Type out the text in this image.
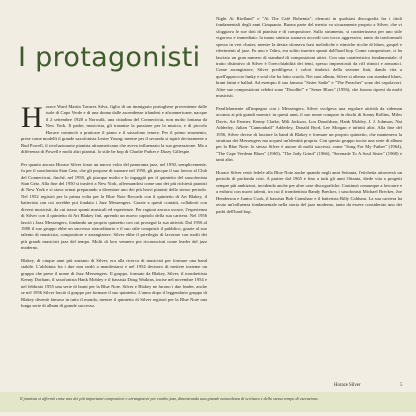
I protagonisti

Horace Ward Martin Tavares Silva, figlio di un immigrato portoghese proveniente dalle isole di Capo Verde e di una donna dalle ascendenze irlandesi e afroamericane, nacque il 2 settembre 1928 a Norwalk, una cittadina del Connecticut, non molto lontana da New York. Il padre, musicista, gli trasmise la passione per la musica, e di piccolo Horace cominciò a praticare il piano e il sassofono tenore. Per il primo strumento, prese come modelli il grande saxofonista Lester Young; mentre per il secondo si ispirò decisamente a Bud Powell, il rivoluzionario pianista afroamericano che aveva influenzato la sua generazione. Ma a differenza di Powell e molti altri pianisti, lo stile be bop di Charlie Parker e Dizzy Gillespie.

Per quanto ancora Horace Silver fosse un nuovo volto del panorama jazz, nel 1950, semplicemente, fu per il saxofonista Stan Getz, che gli propose di suonare nel 1950, gli piacque il suo lavoro al Club del Connecticut, finché, nel 1950, gli piacque molto e lo ingaggiò per il quintetto del sassofonista Stan Getz. Alla fine del 1950 si trasferì a New York, affermandosi come uno dei più richiesti pianisti di New York e si stava ormai preparando a diventare uno dei più bravi pianisti dello stesso periodo. Nel 1952 registrò per la prima volta per la Blue Note Records con il quintetto di Art Blakey, il batterista con cui avrebbe poi fondato i Jazz Messengers. Grazie a questi contatti, collaborò con diversi musicisti, da cui trasse spunti musicali ed esperienze. Per ragioni ancora oscure, l'esperienza di Silver con il quintetto di Art Blakey finì, aprendo un nuovo capitolo della sua carriera. Nel 1956 lasciò i Jazz Messengers, fondando un proprio quintetto con cui proseguì la sua attività. Dal 1956 al 1980 il suo gruppo ebbe un successo straordinario e il suo stile conquistò il pubblico, grazie al suo talento di musicista, compositore e arrangiatore. Silver ebbe il privilegio di lavorare con molti dei più grandi musicisti jazz del tempo. Molti di loro vennero poi riconosciuti come leader del jazz moderno.

Blakey, di cinque anni più anziano di Silver, era alla ricerca di musicisti per formare una band stabile. L'alchimia fra i due non tardò a manifestarsi e nel 1954 decisero di mettere insieme un gruppo che prese il nome di Jazz Messengers. Il gruppo, formato da Blakey, Silver, il trombettista Kenny Dorham, il saxofonista Hank Mobley e il bassista Doug Watkins, incise nel novembre 1954 e nel febbraio 1955 una serie di brani per la Blue Note. Silver e Blakey ne furono i due leader, anche se nel 1956 Silver lasciò il gruppo per formare il suo quintetto. L'anno dopo il leggendario gruppo di Blakey diventò famoso in tutto il mondo, mentre il quintetto di Silver registrò per la Blue Note una lunga serie di album di grande successo.

Night At Birdland" e "At The Café Bohemia", elencati in qualsiasi discografia fra i titoli fondamentali degli anni Cinquanta. Buona parte del merito va sicuramente proprio a Silver, che vi sfoggiava le sue doti di pianista e di compositore. Sullo strumento, si caratterizzava per uno stile vigoroso e immediato: la mano sinistra suonava accordi con tocco aggressivo, tanto da trasformarli spesso in veri cluster, mentre la destra sfornava frasi melodiche e ritmiche ricche di blues, gospel e riferimenti al jazz. Fu uno e l'altro, era solito inserire spunti dall'hard bop. Come compositore, ci ha lasciato un gran numero di standard di composizioni attivi. Con una caratteristica fondamentale: il tratto distintivo di Silver è l'orecchiabilità dei temi, spesso impreziositi da riff ritmici e armonici. Come arrangiatore, Silver prediligeva i colori timbrici della sezione fiati, dando vita a quell'approccio funky e soul che ha fatto scuola. Nei suoi album, Silver si alterna con standard blues, brani latini e ballad. Ad esempio il suo famoso "Sister Sadie" e "The Preacher" sono dei capolavori. Altre sue composizioni celebri sono "Doodlin'" e "Senor Blues" (1956), che furono ripresi da molti musicisti.

Parallelamente all'impegno con i Messengers, Silver svolgeva una regolare attività da sideman accanto ai più grandi maestri: in questi anni, il suo nome compare in dischi di Sonny Rollins, Miles Davis, Art Farmer, Kenny Clarke, Milt Jackson, Lou Donaldson, Hank Mobley, J. J. Johnson, Nat Adderley, Julian "Cannonball" Adderley, Donald Byrd, Lee Morgan e infiniti altri. Alla fine del 1956, Silver decise di lasciare la band di Blakey e formare un proprio quintetto, che manteneva la struttura dei Messengers ma acquisì un'identità propria. Con questo gruppo incise una serie di album per la Blue Note: lo stesso Silver è autore di molti successi, come "Song For My Father" (1964), "The Cape Verdean Blues" (1965), "The Jody Grind" (1966), "Serenade To A Soul Sister" (1968) e tanti altri.

Horace Silver restò fedele alla Blue Note anche quando negli anni Settanta, l'etichetta attraversò un periodo di profonda crisi. A partire dal 1965 e fino a tutti gli anni Ottanta, diede vita a progetti sempre più ambiziosi, incidendo anche per altre case discografiche. Continuò comunque a lavorare e a esibirsi con nuovi talenti, tra cui il trombettista Randy Brecker, i saxofonisti Michael Brecker, Joe Henderson e Junior Cook, il bassista Bob Cranshaw e il batterista Billy Cobham. La sua carriera ha avuto un'influenza fondamentale nella storia del jazz moderno, tanto da essere considerato uno dei padri dell'hard bop.

Horace Silver	5
Il pianista si affermò come uno dei più importanti compositori e arrangiatori per combo jazz, dimostrando una grande naturalezza di scrittura e dello stesso tempo di esecuzione.
